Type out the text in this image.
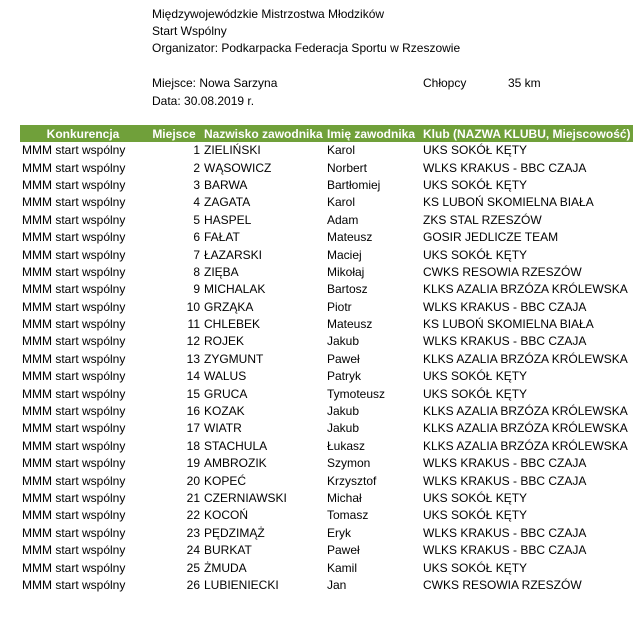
Międzywojewódzkie Mistrzostwa Młodzików
Start Wspólny
Organizator: Podkarpacka Federacja Sportu w Rzeszowie
Miejsce: Nowa Sarzyna
Data: 30.08.2019 r.
Chłopcy	35 km
Konkurencja	Miejsce	Nazwisko zawodnika	Imię zawodnika	Klub (NAZWA KLUBU, Miejscowość)
MMM start wspólny	1	ZIELIŃSKI	Karol	UKS SOKÓŁ KĘTY
MMM start wspólny	2	WĄSOWICZ	Norbert	WLKS KRAKUS - BBC CZAJA
MMM start wspólny	3	BARWA	Bartłomiej	UKS SOKÓŁ KĘTY
MMM start wspólny	4	ZAGATA	Karol	KS LUBOŃ SKOMIELNA BIAŁA
MMM start wspólny	5	HASPEL	Adam	ZKS STAL RZESZÓW
MMM start wspólny	6	FAŁAT	Mateusz	GOSIR JEDLICZE TEAM
MMM start wspólny	7	ŁAZARSKI	Maciej	UKS SOKÓŁ KĘTY
MMM start wspólny	8	ZIĘBA	Mikołaj	CWKS RESOWIA RZESZÓW
MMM start wspólny	9	MICHALAK	Bartosz	KLKS AZALIA BRZÓZA KRÓLEWSKA
MMM start wspólny	10	GRZĄKA	Piotr	WLKS KRAKUS - BBC CZAJA
MMM start wspólny	11	CHLEBEK	Mateusz	KS LUBOŃ SKOMIELNA BIAŁA
MMM start wspólny	12	ROJEK	Jakub	WLKS KRAKUS - BBC CZAJA
MMM start wspólny	13	ZYGMUNT	Paweł	KLKS AZALIA BRZÓZA KRÓLEWSKA
MMM start wspólny	14	WALUS	Patryk	UKS SOKÓŁ KĘTY
MMM start wspólny	15	GRUCA	Tymoteusz	UKS SOKÓŁ KĘTY
MMM start wspólny	16	KOZAK	Jakub	KLKS AZALIA BRZÓZA KRÓLEWSKA
MMM start wspólny	17	WIATR	Jakub	KLKS AZALIA BRZÓZA KRÓLEWSKA
MMM start wspólny	18	STACHULA	Łukasz	KLKS AZALIA BRZÓZA KRÓLEWSKA
MMM start wspólny	19	AMBROZIK	Szymon	WLKS KRAKUS - BBC CZAJA
MMM start wspólny	20	KOPEĆ	Krzysztof	WLKS KRAKUS - BBC CZAJA
MMM start wspólny	21	CZERNIAWSKI	Michał	UKS SOKÓŁ KĘTY
MMM start wspólny	22	KOCOŃ	Tomasz	UKS SOKÓŁ KĘTY
MMM start wspólny	23	PĘDZIMĄŻ	Eryk	WLKS KRAKUS - BBC CZAJA
MMM start wspólny	24	BURKAT	Paweł	WLKS KRAKUS - BBC CZAJA
MMM start wspólny	25	ŻMUDA	Kamil	UKS SOKÓŁ KĘTY
MMM start wspólny	26	LUBIENIECKI	Jan	CWKS RESOWIA RZESZÓW
